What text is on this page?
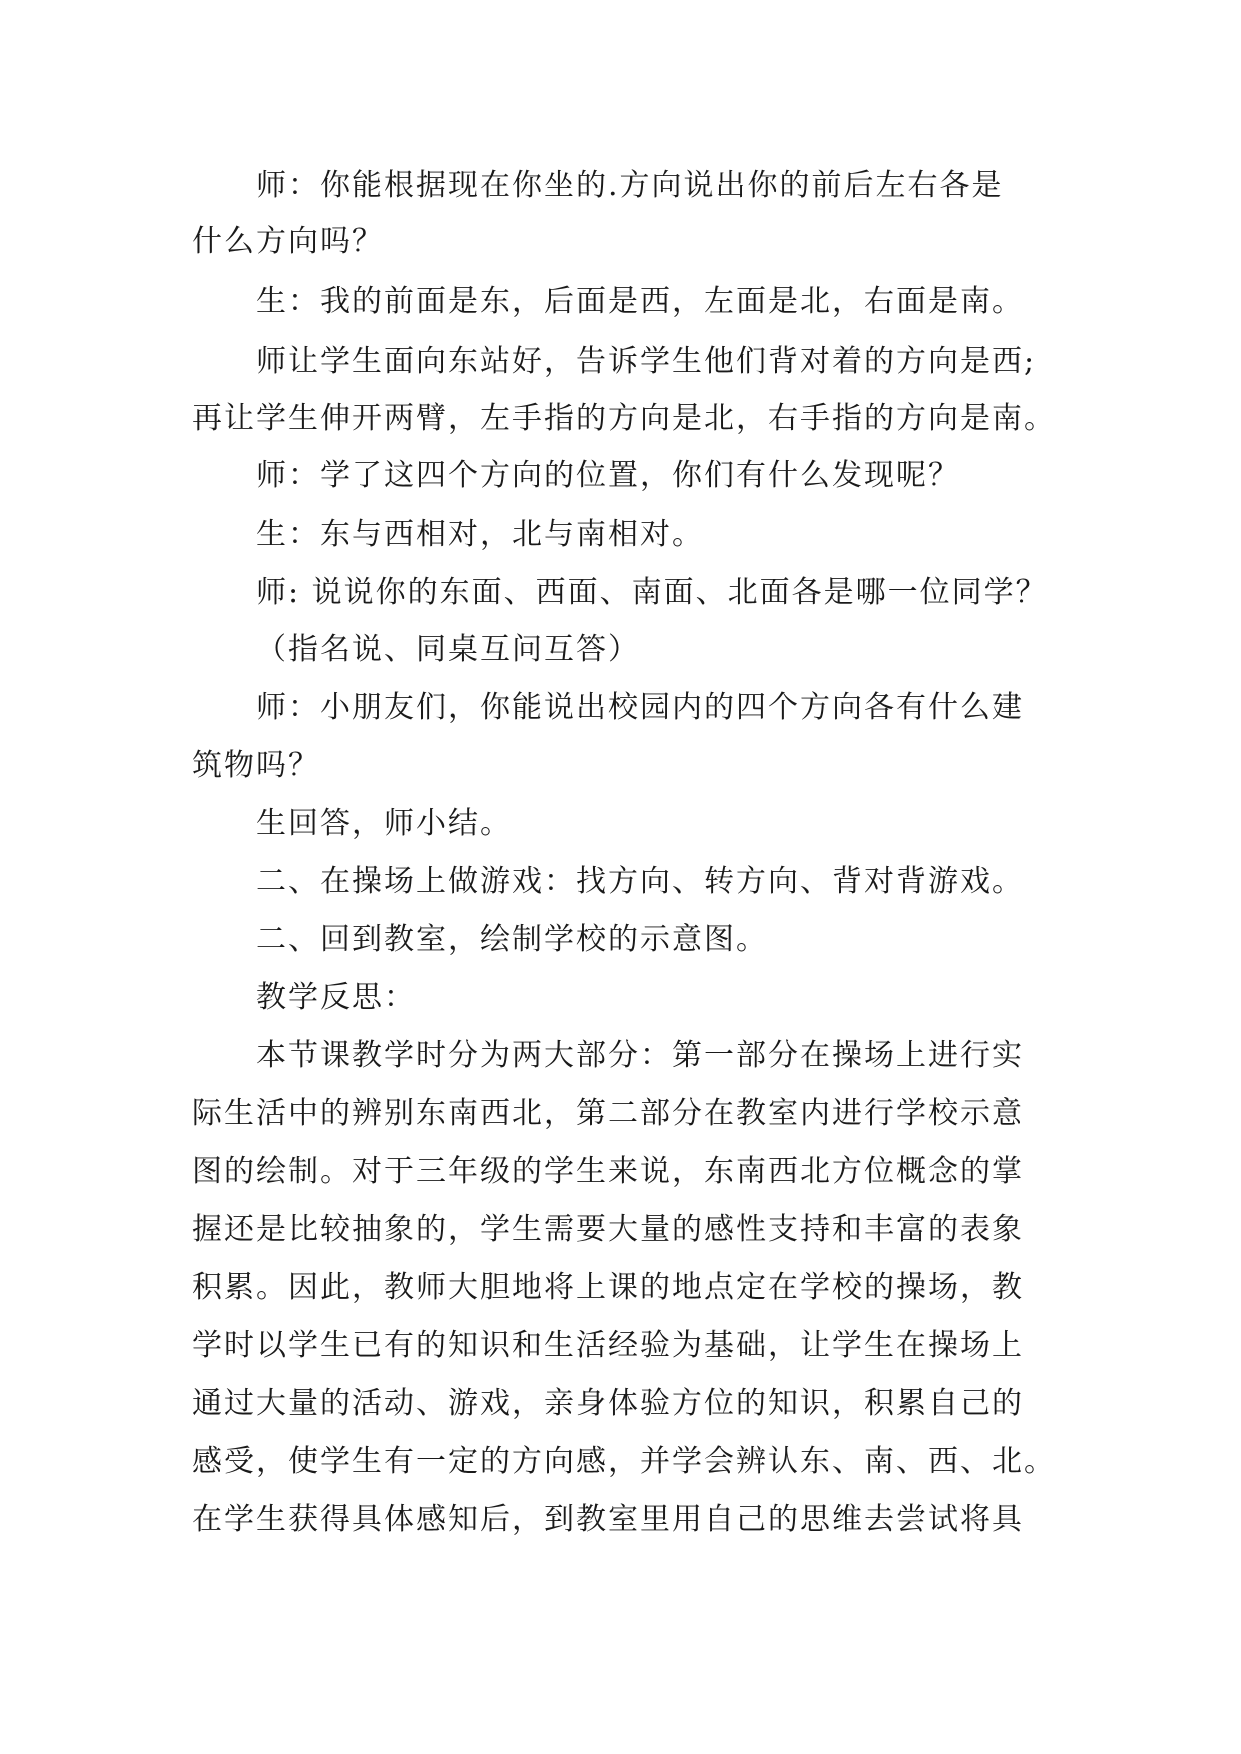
师：你能根据现在你坐的.方向说出你的前后左右各是
什么方向吗？
生：我的前面是东，后面是西，左面是北，右面是南。
师让学生面向东站好，告诉学生他们背对着的方向是西;
再让学生伸开两臂，左手指的方向是北，右手指的方向是南。
师：学了这四个方向的位置，你们有什么发现呢？
生：东与西相对，北与南相对。
师: 说说你的东面、西面、南面、北面各是哪一位同学？
（指名说、同桌互问互答）
师：小朋友们，你能说出校园内的四个方向各有什么建
筑物吗？
生回答，师小结。
二、在操场上做游戏：找方向、转方向、背对背游戏。
二、回到教室，绘制学校的示意图。
教学反思：
本节课教学时分为两大部分：第一部分在操场上进行实
际生活中的辨别东南西北，第二部分在教室内进行学校示意
图的绘制。对于三年级的学生来说，东南西北方位概念的掌
握还是比较抽象的，学生需要大量的感性支持和丰富的表象
积累。因此，教师大胆地将上课的地点定在学校的操场，教
学时以学生已有的知识和生活经验为基础，让学生在操场上
通过大量的活动、游戏，亲身体验方位的知识，积累自己的
感受，使学生有一定的方向感，并学会辨认东、南、西、北。
在学生获得具体感知后，到教室里用自己的思维去尝试将具
